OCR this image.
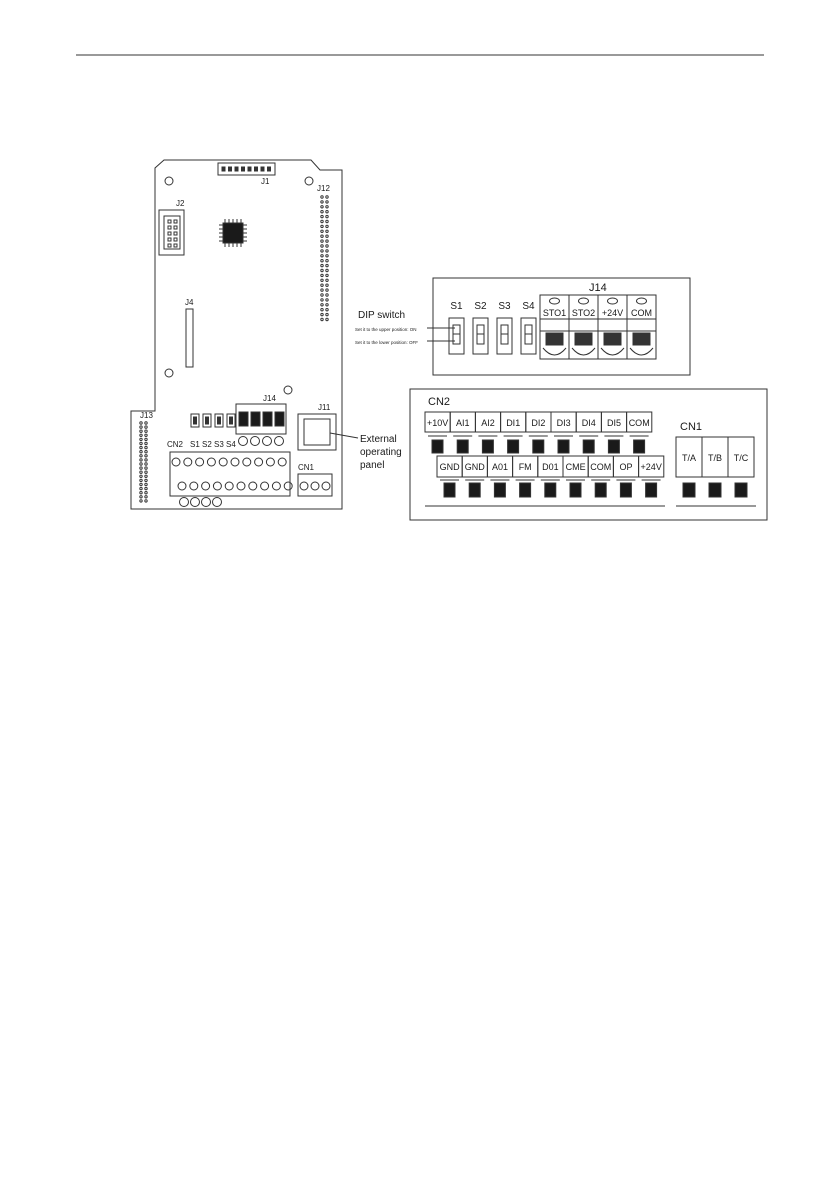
J1
J12
J2
J4
J13
J14
J11
CN2 S1 S2 S3 S4
CN1
External
operating
panel
J14
DIP switch
Set it to the upper position: ON
Set it to the lower position: OFF
S1 S2 S3 S4
STO1 STO2 +24V COM
CN2
CN1
+10V AI1 AI2 DI1 DI2 DI3 DI4 DI5 COM
GND GND A01 FM D01 CME COM OP +24V
T/A T/B T/C
